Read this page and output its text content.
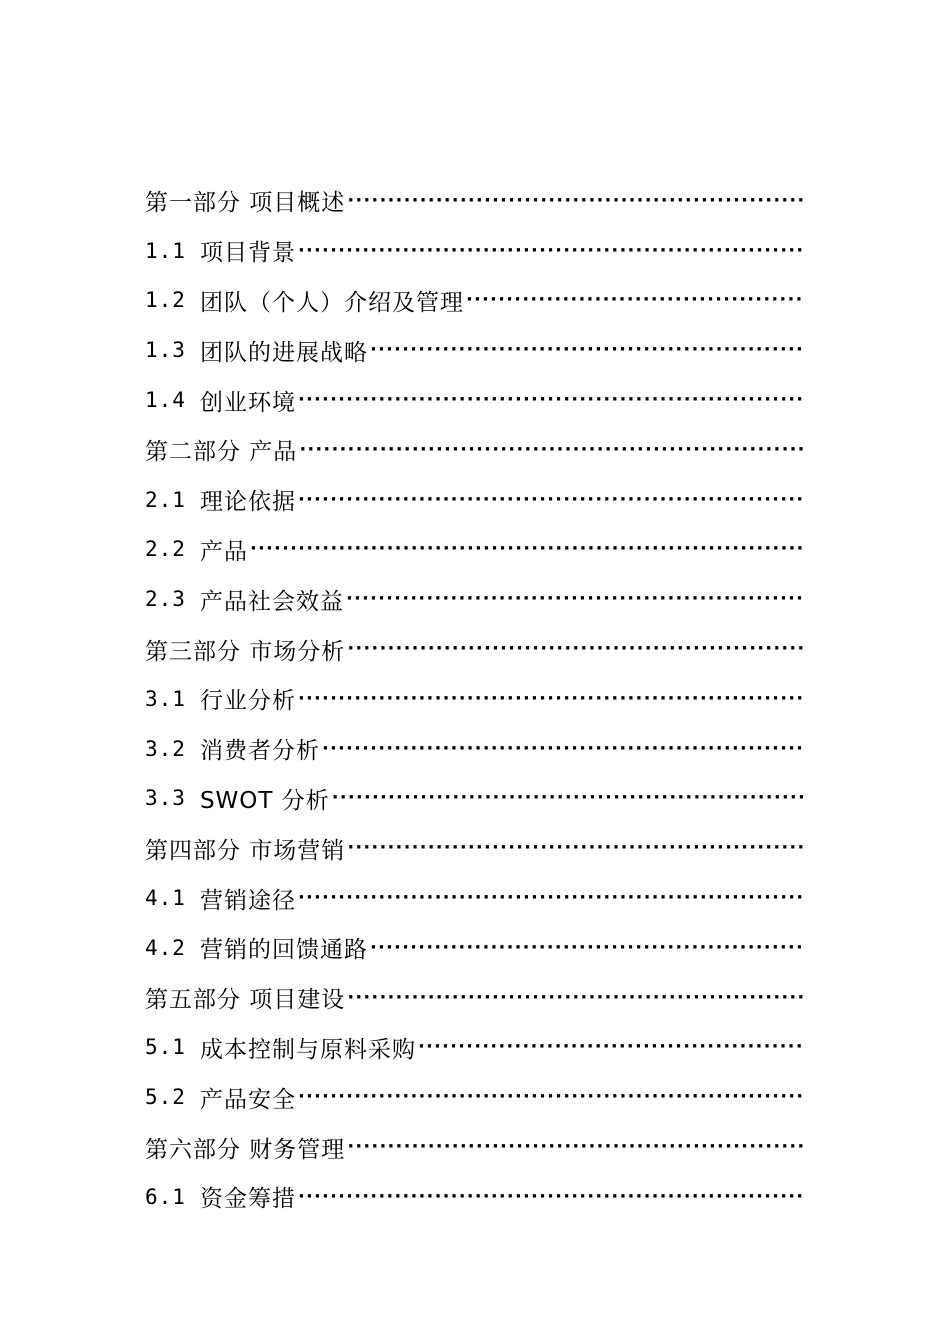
第一部分 项目概述
·····
1.1 项目背景
·····
1.2 团队（个人）介绍及管理
·····
1.3 团队的进展战略
·····
1.4 创业环境
·····
第二部分 产品
·····
2.1 理论依据
·····
2.2 产品
·····
2.3 产品社会效益
·····
第三部分 市场分析
·····
3.1 行业分析
·····
3.2 消费者分析
·····
3.3 SWOT 分析
·····
第四部分 市场营销
·····
4.1 营销途径
·····
4.2 营销的回馈通路
·····
第五部分 项目建设
·····
5.1 成本控制与原料采购
·····
5.2 产品安全
·····
第六部分 财务管理
·····
6.1 资金筹措
·····
